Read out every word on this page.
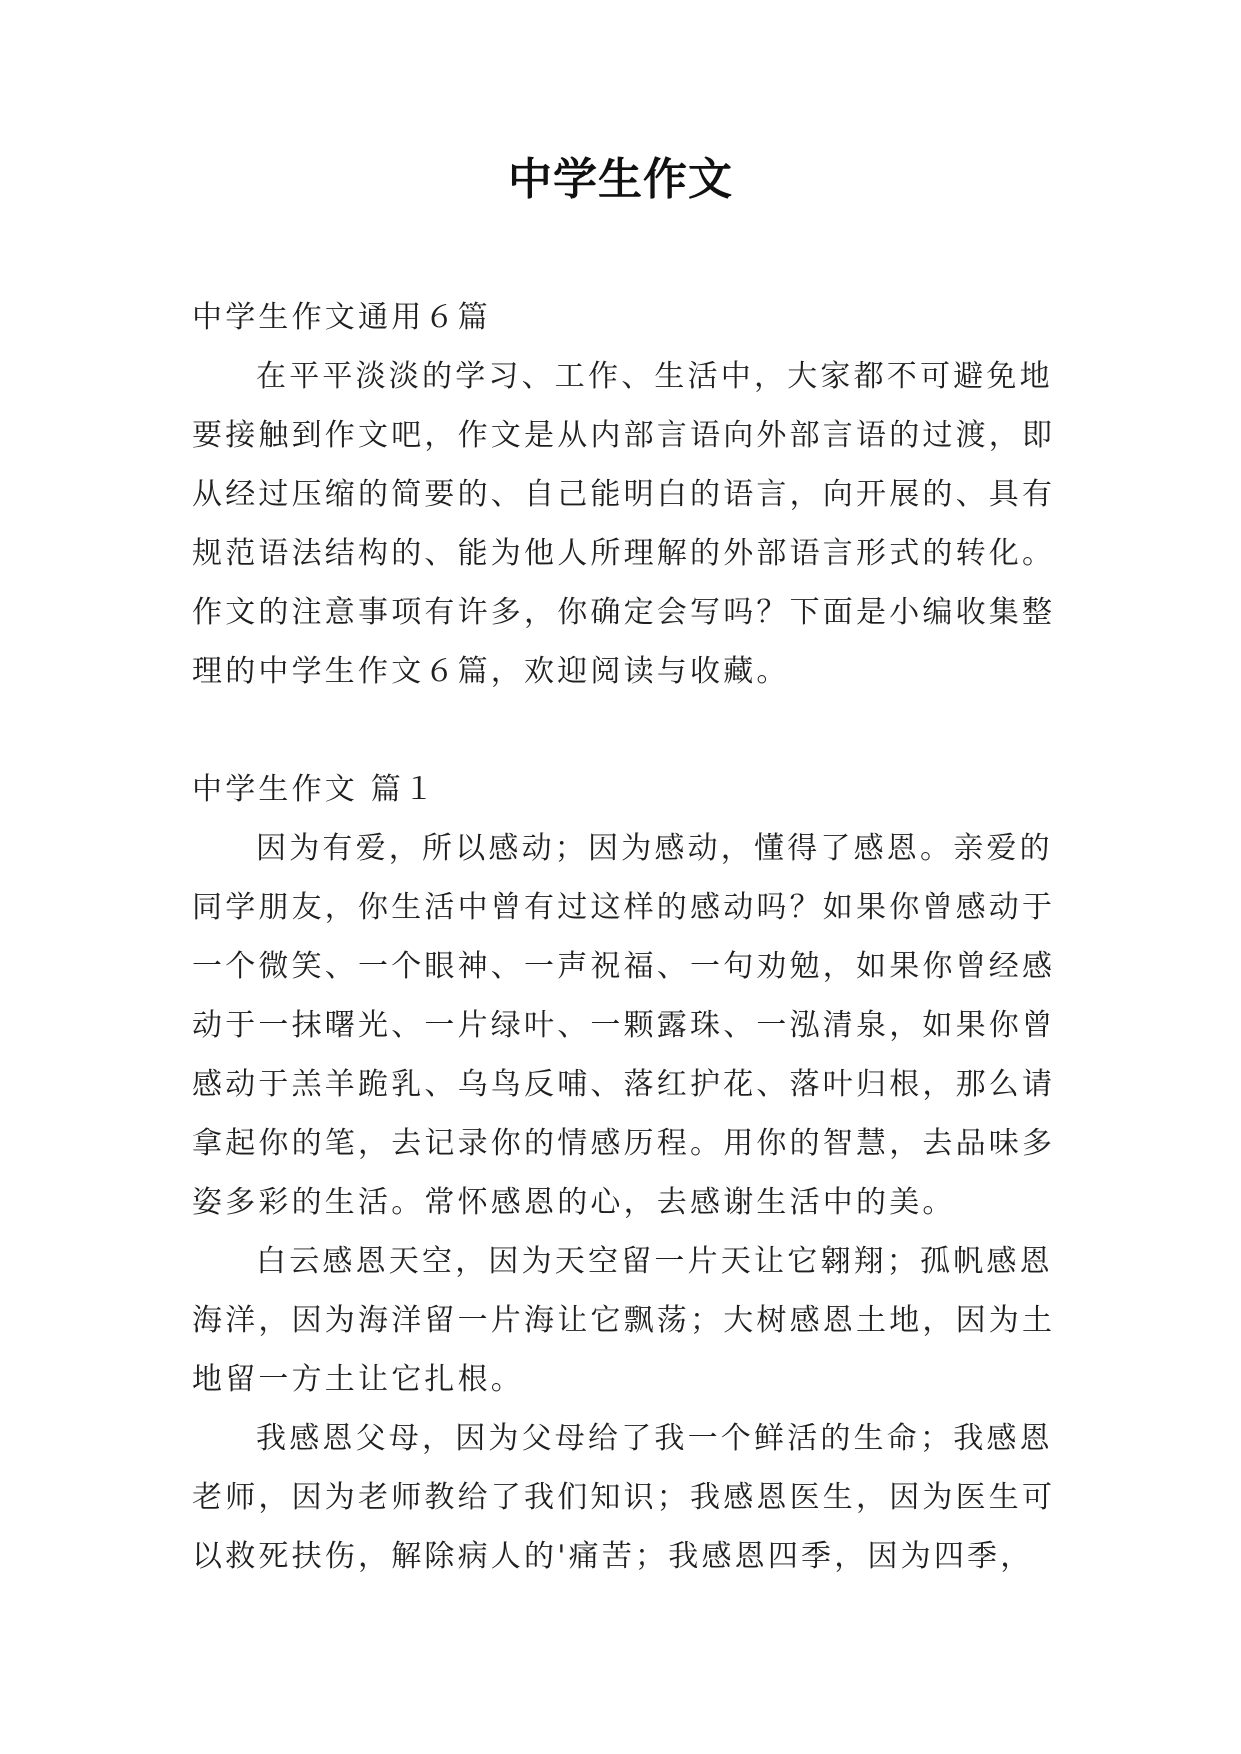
中学生作文
中学生作文通用６篇
在平平淡淡的学习、工作、生活中，大家都不可避免地
要接触到作文吧，作文是从内部言语向外部言语的过渡，即
从经过压缩的简要的、自己能明白的语言，向开展的、具有
规范语法结构的、能为他人所理解的外部语言形式的转化。
作文的注意事项有许多，你确定会写吗？下面是小编收集整
理的中学生作文６篇，欢迎阅读与收藏。
中学生作文 篇１
因为有爱，所以感动；因为感动，懂得了感恩。亲爱的
同学朋友，你生活中曾有过这样的感动吗？如果你曾感动于
一个微笑、一个眼神、一声祝福、一句劝勉，如果你曾经感
动于一抹曙光、一片绿叶、一颗露珠、一泓清泉，如果你曾
感动于羔羊跪乳、乌鸟反哺、落红护花、落叶归根，那么请
拿起你的笔，去记录你的情感历程。用你的智慧，去品味多
姿多彩的生活。常怀感恩的心，去感谢生活中的美。
白云感恩天空，因为天空留一片天让它翱翔；孤帆感恩
海洋，因为海洋留一片海让它飘荡；大树感恩土地，因为土
地留一方土让它扎根。
我感恩父母，因为父母给了我一个鲜活的生命；我感恩
老师，因为老师教给了我们知识；我感恩医生，因为医生可
以救死扶伤，解除病人的'痛苦；我感恩四季，因为四季，
